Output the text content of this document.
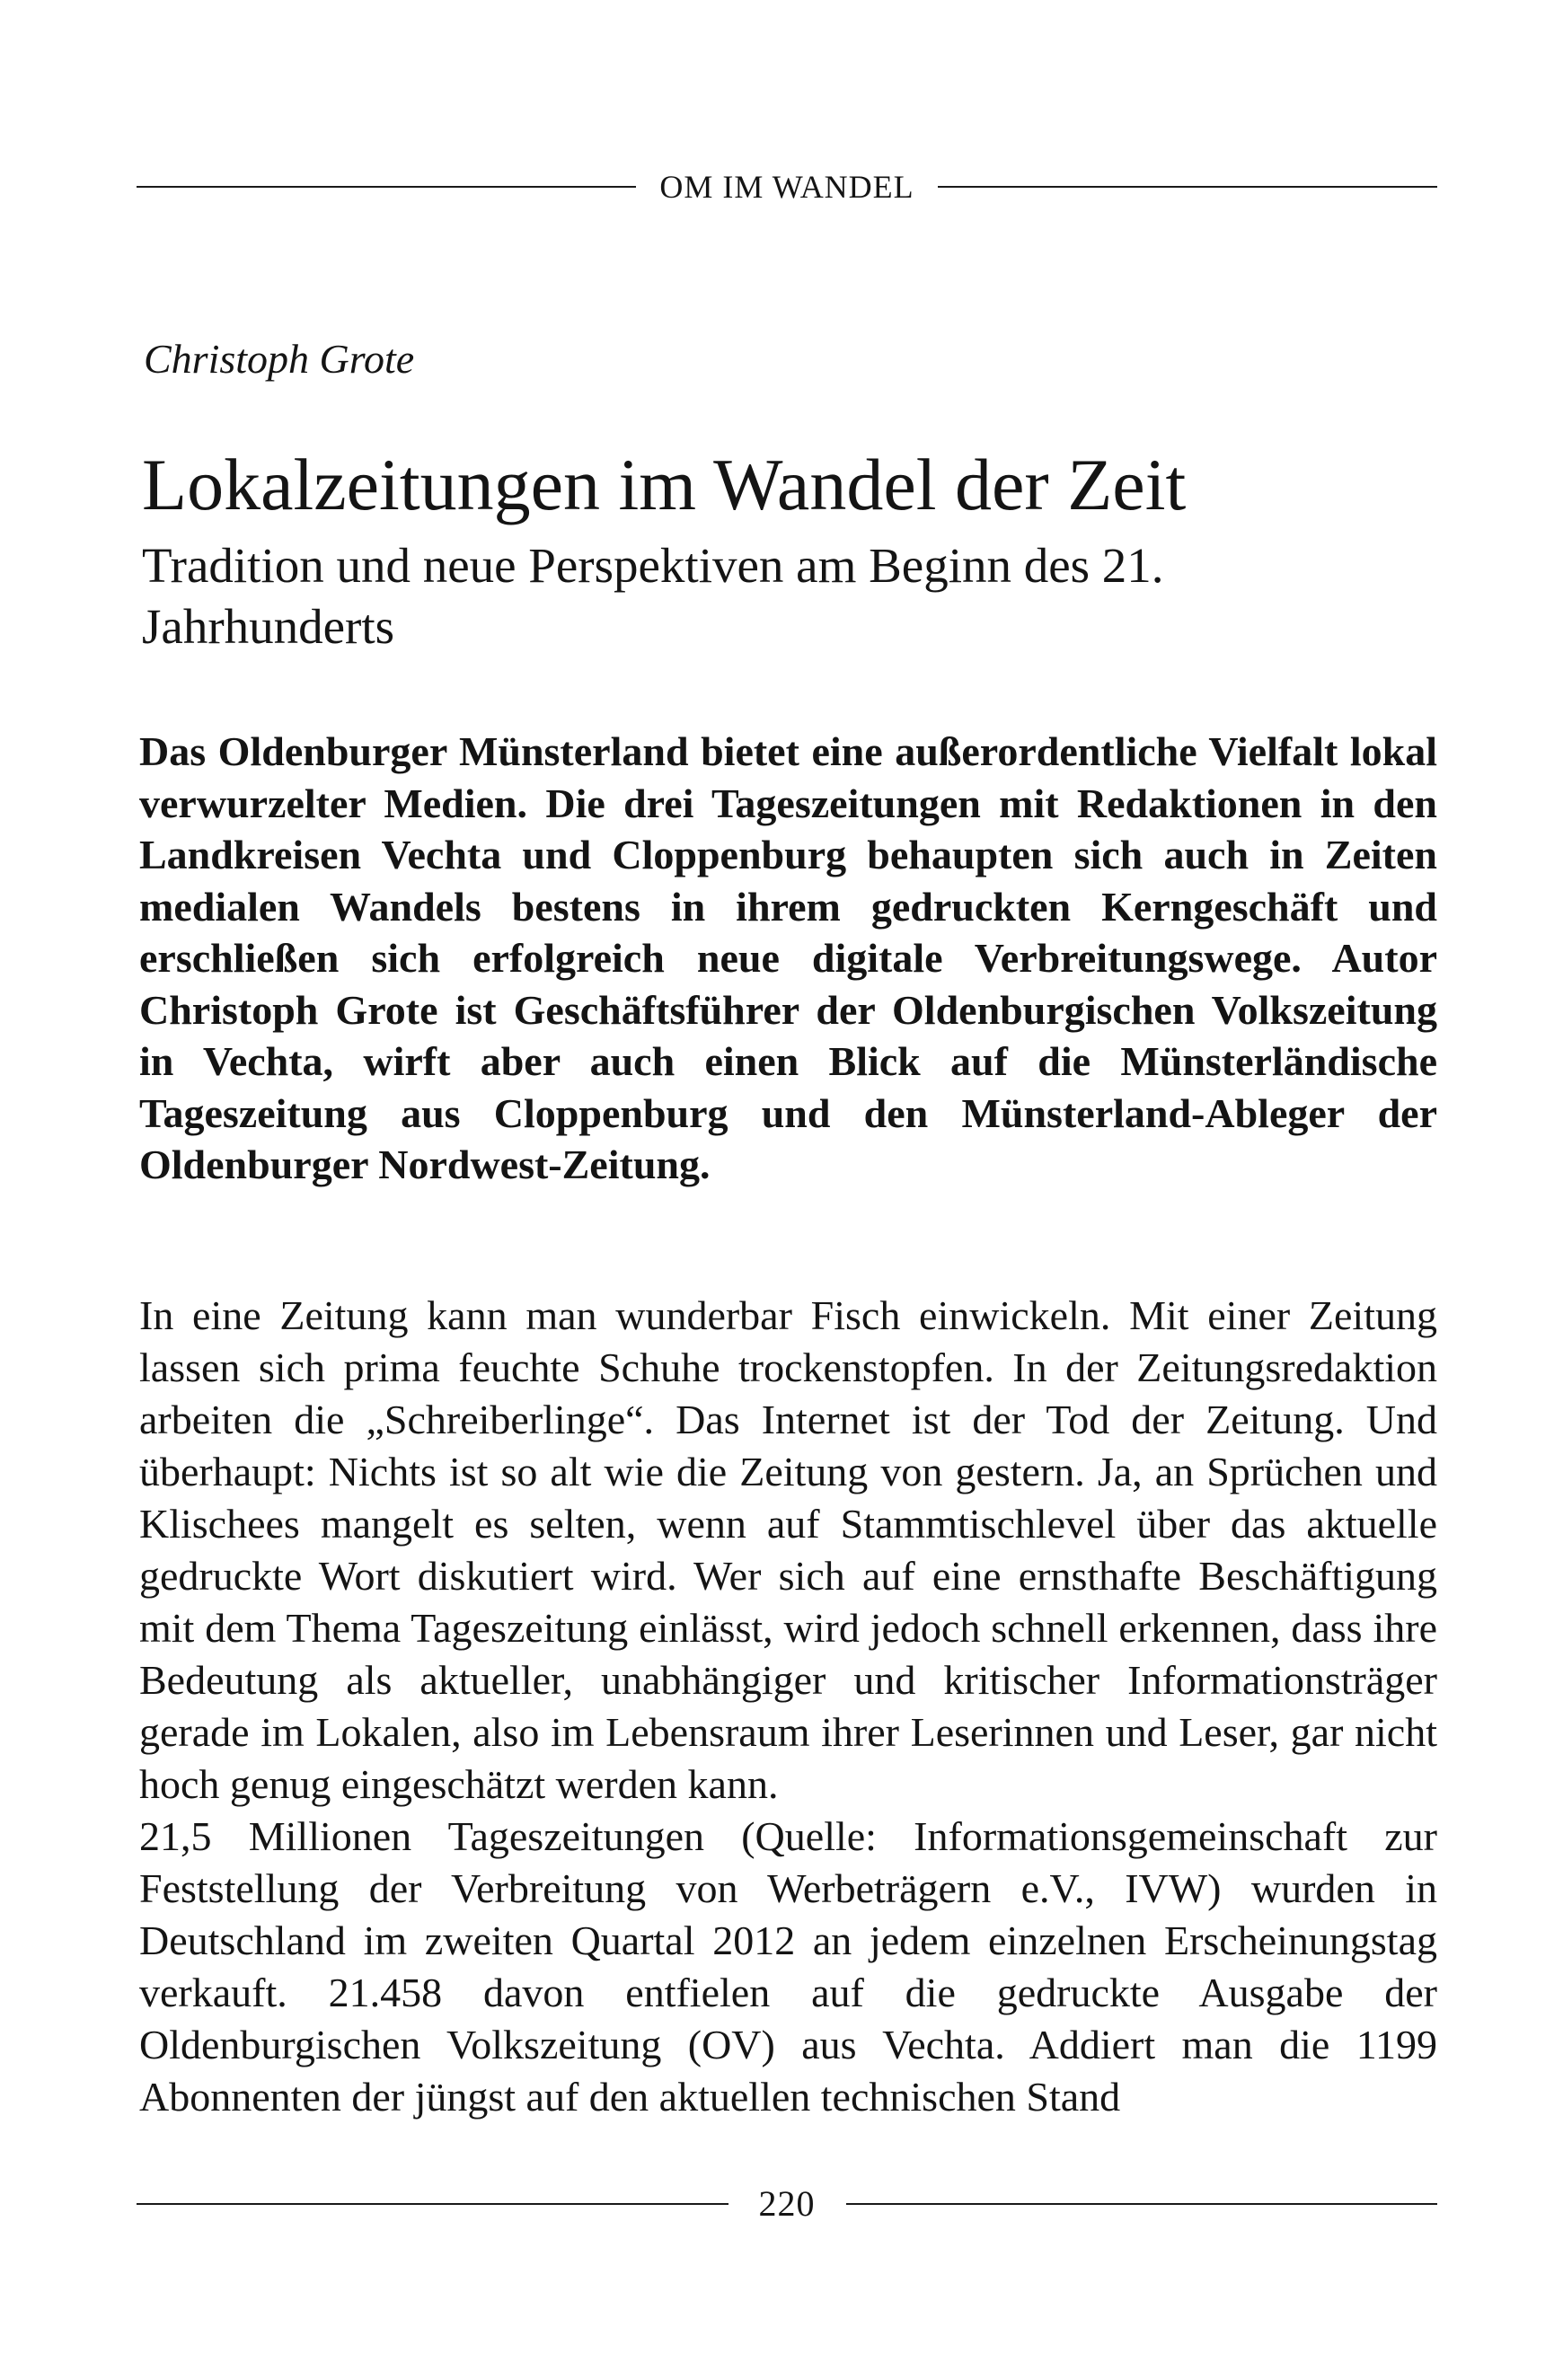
OM IM WANDEL
Christoph Grote
Lokalzeitungen im Wandel der Zeit
Tradition und neue Perspektiven am Beginn des 21. Jahrhunderts

Das Oldenburger Münsterland bietet eine außerordentliche Vielfalt lokal verwurzelter Medien. Die drei Tageszeitungen mit Redaktionen in den Landkreisen Vechta und Cloppenburg behaupten sich auch in Zeiten medialen Wandels bestens in ihrem gedruckten Kerngeschäft und erschließen sich erfolgreich neue digitale Verbreitungswege. Autor Christoph Grote ist Geschäftsführer der Oldenburgischen Volkszeitung in Vechta, wirft aber auch einen Blick auf die Münsterländische Tageszeitung aus Cloppenburg und den Münsterland-Ableger der Oldenburger Nordwest-Zeitung.

In eine Zeitung kann man wunderbar Fisch einwickeln. Mit einer Zeitung lassen sich prima feuchte Schuhe trockenstopfen. In der Zeitungsredaktion arbeiten die „Schreiberlinge“. Das Internet ist der Tod der Zeitung. Und überhaupt: Nichts ist so alt wie die Zeitung von gestern. Ja, an Sprüchen und Klischees mangelt es selten, wenn auf Stammtischlevel über das aktuelle gedruckte Wort diskutiert wird. Wer sich auf eine ernsthafte Beschäftigung mit dem Thema Tageszeitung einlässt, wird jedoch schnell erkennen, dass ihre Bedeutung als aktueller, unabhängiger und kritischer Informationsträger gerade im Lokalen, also im Lebensraum ihrer Leserinnen und Leser, gar nicht hoch genug eingeschätzt werden kann.

21,5 Millionen Tageszeitungen (Quelle: Informationsgemeinschaft zur Feststellung der Verbreitung von Werbeträgern e.V., IVW) wurden in Deutschland im zweiten Quartal 2012 an jedem einzelnen Erscheinungstag verkauft. 21.458 davon entfielen auf die gedruckte Ausgabe der Oldenburgischen Volkszeitung (OV) aus Vechta. Addiert man die 1199 Abonnenten der jüngst auf den aktuellen technischen Stand

220
